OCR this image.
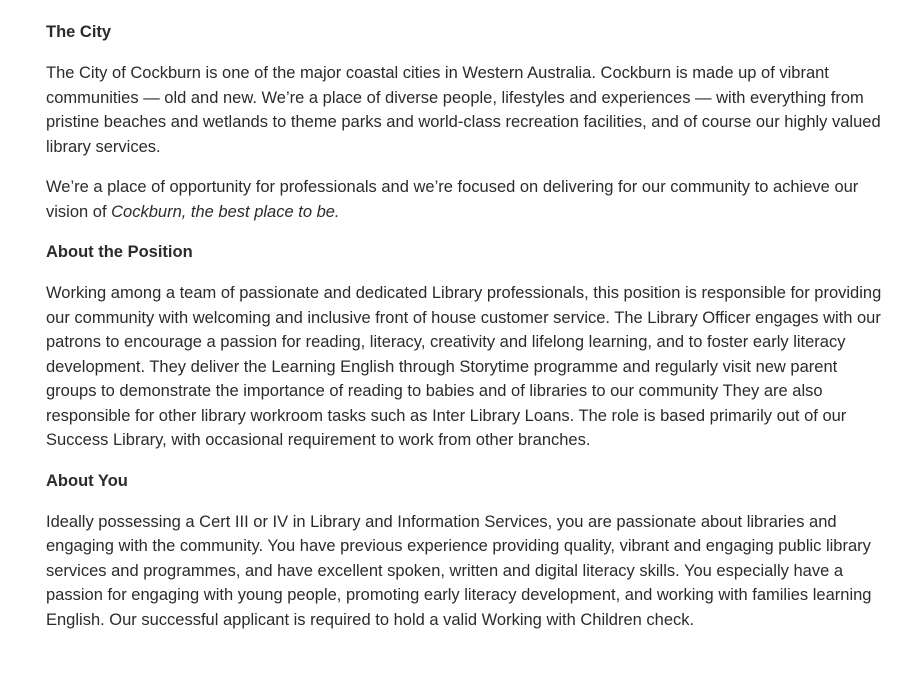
The City

The City of Cockburn is one of the major coastal cities in Western Australia. Cockburn is made up of vibrant communities — old and new. We’re a place of diverse people, lifestyles and experiences — with everything from pristine beaches and wetlands to theme parks and world-class recreation facilities, and of course our highly valued library services.

We’re a place of opportunity for professionals and we’re focused on delivering for our community to achieve our vision of Cockburn, the best place to be.

About the Position

Working among a team of passionate and dedicated Library professionals, this position is responsible for providing our community with welcoming and inclusive front of house customer service. The Library Officer engages with our patrons to encourage a passion for reading, literacy, creativity and lifelong learning, and to foster early literacy development. They deliver the Learning English through Storytime programme and regularly visit new parent groups to demonstrate the importance of reading to babies and of libraries to our community They are also responsible for other library workroom tasks such as Inter Library Loans. The role is based primarily out of our Success Library, with occasional requirement to work from other branches.

About You

Ideally possessing a Cert III or IV in Library and Information Services, you are passionate about libraries and engaging with the community. You have previous experience providing quality, vibrant and engaging public library services and programmes, and have excellent spoken, written and digital literacy skills. You especially have a passion for engaging with young people, promoting early literacy development, and working with families learning English. Our successful applicant is required to hold a valid Working with Children check.
